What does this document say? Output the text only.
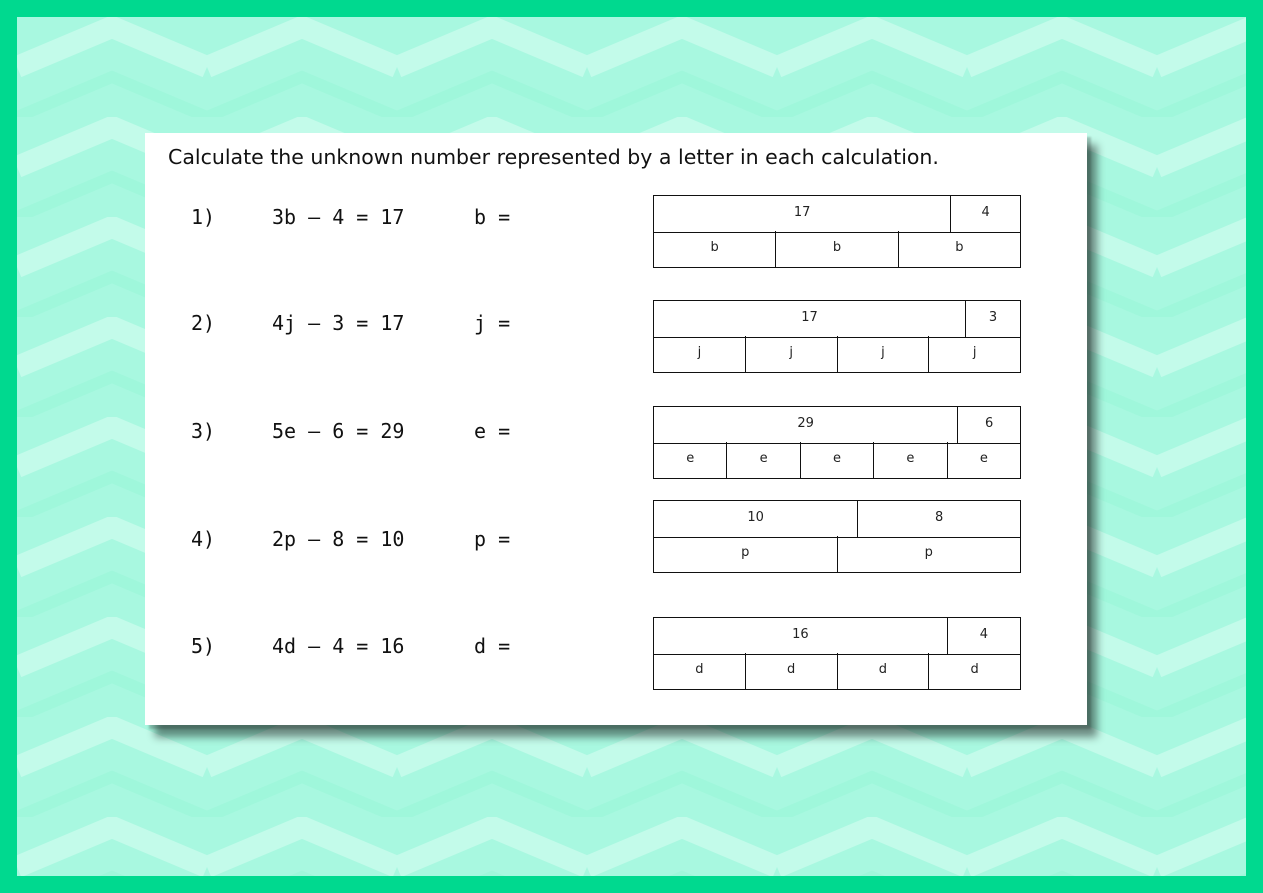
Calculate the unknown number represented by a letter in each calculation.
1)	3b – 4 = 17	b =	17	4
b	b	b
2)	4j – 3 = 17	j =	17	3
j	j	j	j
3)	5e – 6 = 29	e =	29	6
e	e	e	e	e
4)	2p – 8 = 10	p =
10	8
p	p
5)	4d – 4 = 16	d =	16	4
d	d	d	d
